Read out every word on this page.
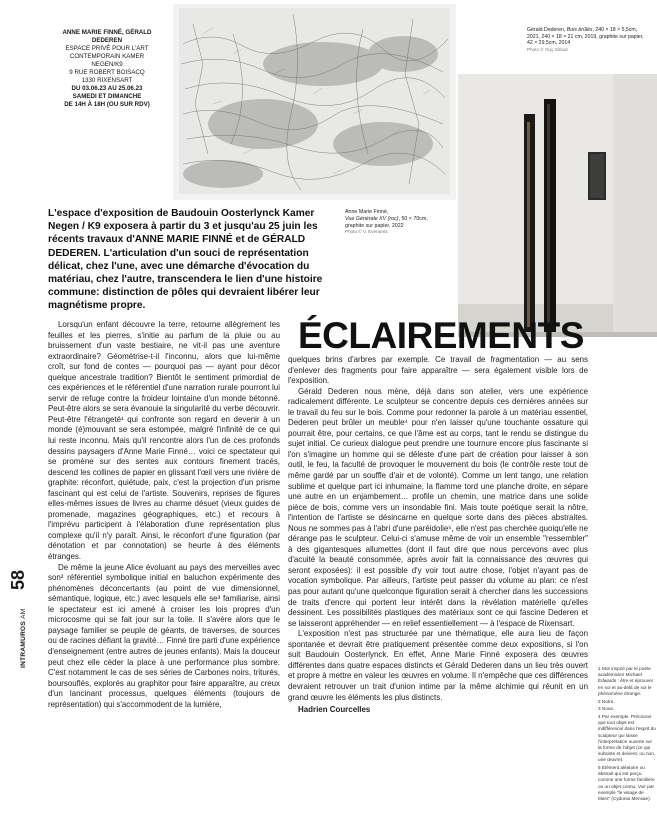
ANNE MARIE FINNÉ, GÉRALD DEDEREN
ESPACE PRIVÉ POUR L'ART
CONTEMPORAIN KAMER
NEGEN/K9
9 RUE ROBERT BOISACQ
1330 RIXENSART
DU 03.06.23 AU 25.06.23
SAMEDI ET DIMANCHE
DE 14H À 18H (OU SUR RDV)
Gérald Dederen, Bois brûlés, 240 × 18 × 5,5cm, 2021, 240 × 18 × 21 cm, 2019, graphite sur papier, 42 × 29,5cm, 2014
Photo © Guy Gillaut
Anne Marie Finné,
Vue Générale XV (roc), 50 × 70cm, graphite sur papier, 2022
Photo © V. Everaerts

L'espace d'exposition de Baudouin Oosterlynck Kamer Negen / K9 exposera à partir du 3 et jusqu'au 25 juin les récents travaux d'ANNE MARIE FINNÉ et de GÉRALD DEDEREN. L'articulation d'un souci de représentation délicat, chez l'une, avec une démarche d'évocation du matériau, chez l'autre, transcendera le lien d'une histoire commune: distinction de pôles qui devraient libérer leur magnétisme propre.

ÉCLAIREMENTS

Lorsqu'un enfant découvre la terre, retourne allègrement les feuilles et les pierres, s'initie au parfum de la pluie ou au bruissement d'un vaste bestiaire, ne vit-il pas une aventure extraordinaire? Géométrise-t-il l'inconnu, alors que lui-même croît, sur fond de contes — pourquoi pas — ayant pour décor quelque ancestrale tradition? Bientôt le sentiment primordial de ces expériences et le référentiel d'une narration rurale pourront lui servir de refuge contre la froideur lointaine d'un monde bétonné. Peut-être alors se sera évanouie la singularité du verbe découvrir. Peut-être l'étrangeté¹ qui confronte son regard en devenir à un monde (é)mouvant se sera estompée, malgré l'infinité de ce qui lui reste inconnu. Mais qu'il rencontre alors l'un de ces profonds dessins paysagers d'Anne Marie Finné… voici ce spectateur qui se promène sur des sentes aux contours finement tracés, descend les collines de papier en glissant l'œil vers une rivière de graphite: réconfort, quiétude, paix, c'est la projection d'un prisme fascinant qui est celui de l'artiste. Souvenirs, reprises de figures elles-mêmes issues de livres au charme désuet (vieux guides de promenade, magazines géographiques, etc.) et recours à l'imprévu participent à l'élaboration d'une représentation plus complexe qu'il n'y paraît. Ainsi, le réconfort d'une figuration (par dénotation et par connotation) se heurte à des éléments étranges.

De même la jeune Alice évoluant au pays des merveilles avec son² référentiel symbolique initial en baluchon expérimente des phénomènes déconcertants (au point de vue dimensionnel, sémantique, logique, etc.) avec lesquels elle se³ familiarise, ainsi le spectateur est ici amené à croiser les lois propres d'un microcosme qui se fait jour sur la toile. Il s'avère alors que le paysage familier se peuple de géants, de traverses, de sources ou de racines défiant la gravité… Finné tire parti d'une expérience d'enseignement (entre autres de jeunes enfants). Mais la douceur peut chez elle céder la place à une performance plus sombre. C'est notamment le cas de ses séries de Carbones noirs, triturés, boursouflés, explorés au graphitor pour faire apparaître, au creux d'un lancinant processus, quelques éléments (toujours de représentation) qui s'accommodent de la lumière,

quelques brins d'arbres par exemple. Ce travail de fragmentation — au sens d'enlever des fragments pour faire apparaître — sera également visible lors de l'exposition.

Gérald Dederen nous mène, déjà dans son atelier, vers une expérience radicalement différente. Le sculpteur se concentre depuis ces dernières années sur le travail du feu sur le bois. Comme pour redonner la parole à un matériau essentiel, Dederen peut brûler un meuble⁴ pour n'en laisser qu'une touchante ossature qui pourrait être, pour certains, ce que l'âme est au corps, tant le rendu se distingue du sujet initial. Ce curieux dialogue peut prendre une tournure encore plus fascinante si l'on s'imagine un homme qui se déleste d'une part de création pour laisser à son outil, le feu, la faculté de provoquer le mouvement du bois (le contrôle reste tout de même gardé par un souffle d'air et de volonté). Comme un lent tango, une relation sublime et quelque part ici inhumaine, la flamme tord une planche droite, en sépare une autre en un enjambement… profile un chemin, une matrice dans une solide pièce de bois, comme vers un insondable fini. Mais toute poétique serait la nôtre, l'intention de l'artiste se désincarne en quelque sorte dans des pièces abstraites. Nous ne sommes pas à l'abri d'une paréidolie⁵, elle n'est pas cherchée quoiqu'elle ne dérange pas le sculpteur. Celui-ci s'amuse même de voir un ensemble "ressembler" à des gigantesques allumettes (dont il faut dire que nous percevons avec plus d'acuité la beauté consommée, après avoir fait la connaissance des œuvres qui seront exposées): il est possible d'y voir tout autre chose, l'objet n'ayant pas de vocation symbolique. Par ailleurs, l'artiste peut passer du volume au plan: ce n'est pas pour autant qu'une quelconque figuration serait à chercher dans les successions de traits d'encre qui portent leur intérêt dans la révélation matérielle qu'elles dessinent. Les possibilités plastiques des matériaux sont ce qui fascine Dederen et se laisseront appréhender — en relief essentiellement — à l'espace de Rixensart.

L'exposition n'est pas structurée par une thématique, elle aura lieu de façon spontanée et devrait être pratiquement présentée comme deux expositions, si l'on suit Baudouin Oosterlynck. En effet, Anne Marie Finné exposera des œuvres différentes dans quatre espaces distincts et Gérald Dederen dans un lieu très ouvert et propre à mettre en valeur les œuvres en volume. Il n'empêche que ces différences devraient retrouver un trait d'union intime par la même alchimie qui réunit en un grand œuvre les éléments les plus distincts.

Hadrien Courcelles

1 Mot inspiré par le poète académicien Michael Edwards : être et éprouver en soi et au-delà de soi le phénomène étrange.

2 Notre.

3 Nous.

4 Par exemple. Précisons que tout objet est indifférencié dans l'esprit du sculpteur qui laisse l'interprétation ouverte sur la forme de l'objet (ce qui subsiste et devient, ou non, une œuvre).

5 Élément aléatoire ou abstrait qui est perçu comme une forme familière ou un objet connu. Voir par exemple "le visage de Mars" (Cydonia Mensae).

58
INTRAMUROS AM
